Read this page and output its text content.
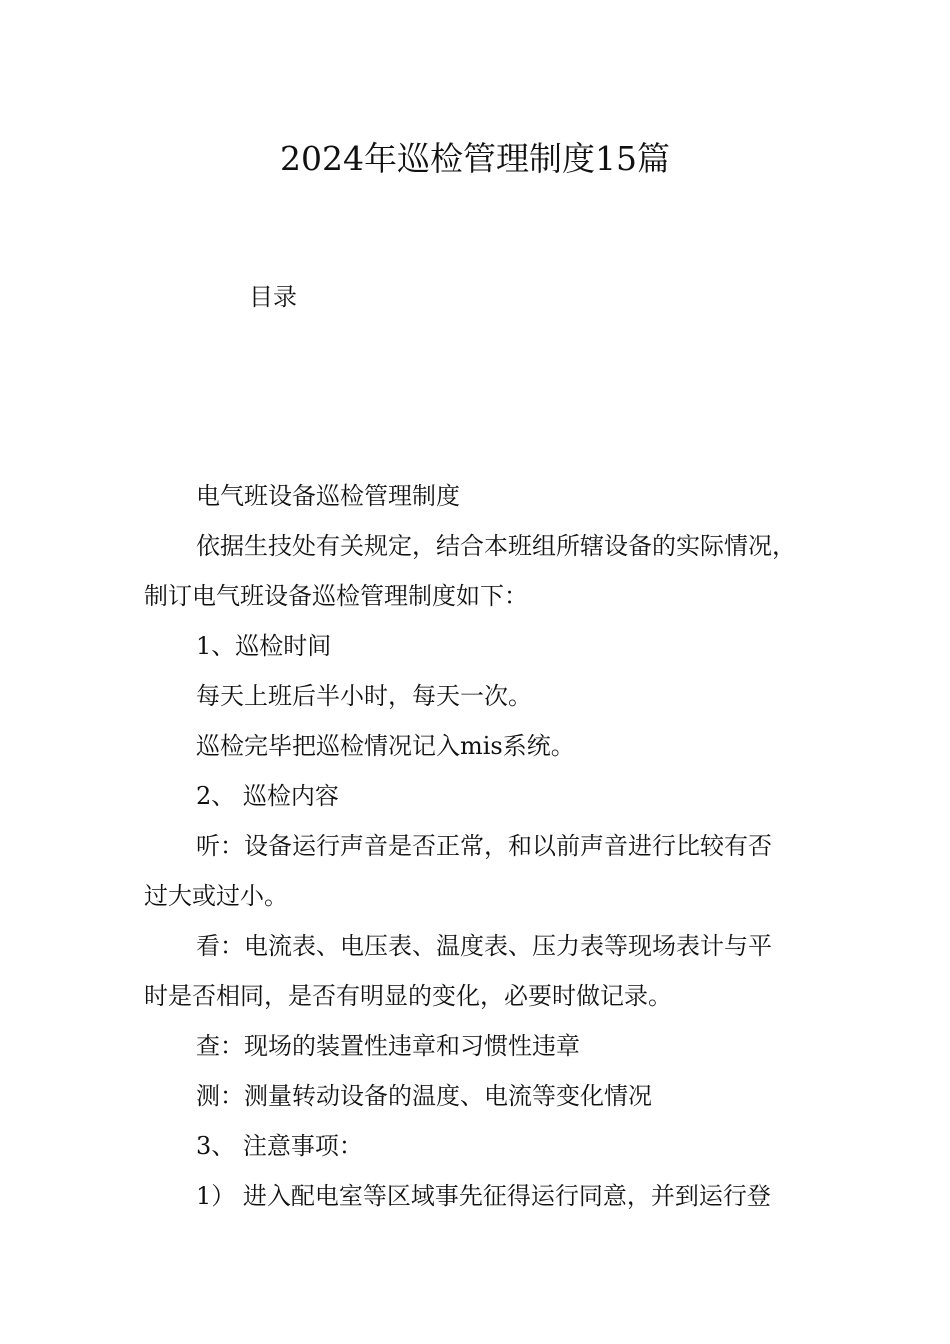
2024年巡检管理制度15篇
目录
电气班设备巡检管理制度
依据生技处有关规定，结合本班组所辖设备的实际情况，
制订电气班设备巡检管理制度如下：
1、巡检时间
每天上班后半小时，每天一次。
巡检完毕把巡检情况记入mis系统。
2、 巡检内容
听：设备运行声音是否正常，和以前声音进行比较有否
过大或过小。
看：电流表、电压表、温度表、压力表等现场表计与平
时是否相同，是否有明显的变化，必要时做记录。
查：现场的装置性违章和习惯性违章
测：测量转动设备的温度、电流等变化情况
3、 注意事项：
1） 进入配电室等区域事先征得运行同意，并到运行登
